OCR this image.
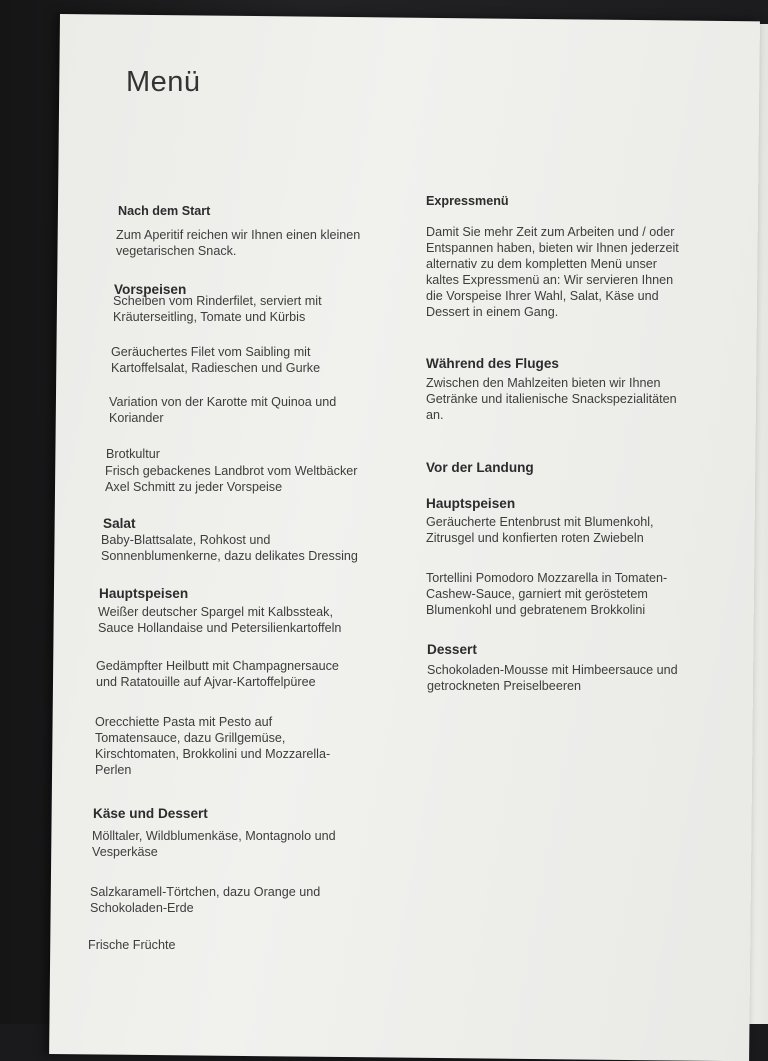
Menü
Nach dem Start
Zum Aperitif reichen wir Ihnen einen kleinen
vegetarischen Snack.
Vorspeisen
Scheiben vom Rinderfilet, serviert mit
Kräuterseitling, Tomate und Kürbis
Geräuchertes Filet vom Saibling mit
Kartoffelsalat, Radieschen und Gurke
Variation von der Karotte mit Quinoa und
Koriander
Brotkultur
Frisch gebackenes Landbrot vom Weltbäcker
Axel Schmitt zu jeder Vorspeise
Salat
Baby-Blattsalate, Rohkost und
Sonnenblumenkerne, dazu delikates Dressing
Hauptspeisen
Weißer deutscher Spargel mit Kalbssteak,
Sauce Hollandaise und Petersilienkartoffeln
Gedämpfter Heilbutt mit Champagnersauce
und Ratatouille auf Ajvar-Kartoffelpüree
Orecchiette Pasta mit Pesto auf
Tomatensauce, dazu Grillgemüse,
Kirschtomaten, Brokkolini und Mozzarella-
Perlen
Käse und Dessert
Mölltaler, Wildblumenkäse, Montagnolo und
Vesperkäse
Salzkaramell-Törtchen, dazu Orange und
Schokoladen-Erde
Frische Früchte
Expressmenü
Damit Sie mehr Zeit zum Arbeiten und / oder
Entspannen haben, bieten wir Ihnen jederzeit
alternativ zu dem kompletten Menü unser
kaltes Expressmenü an: Wir servieren Ihnen
die Vorspeise Ihrer Wahl, Salat, Käse und
Dessert in einem Gang.
Während des Fluges
Zwischen den Mahlzeiten bieten wir Ihnen
Getränke und italienische Snackspezialitäten
an.
Vor der Landung
Hauptspeisen
Geräucherte Entenbrust mit Blumenkohl,
Zitrusgel und konfierten roten Zwiebeln
Tortellini Pomodoro Mozzarella in Tomaten-
Cashew-Sauce, garniert mit geröstetem
Blumenkohl und gebratenem Brokkolini
Dessert
Schokoladen-Mousse mit Himbeersauce und
getrockneten Preiselbeeren
